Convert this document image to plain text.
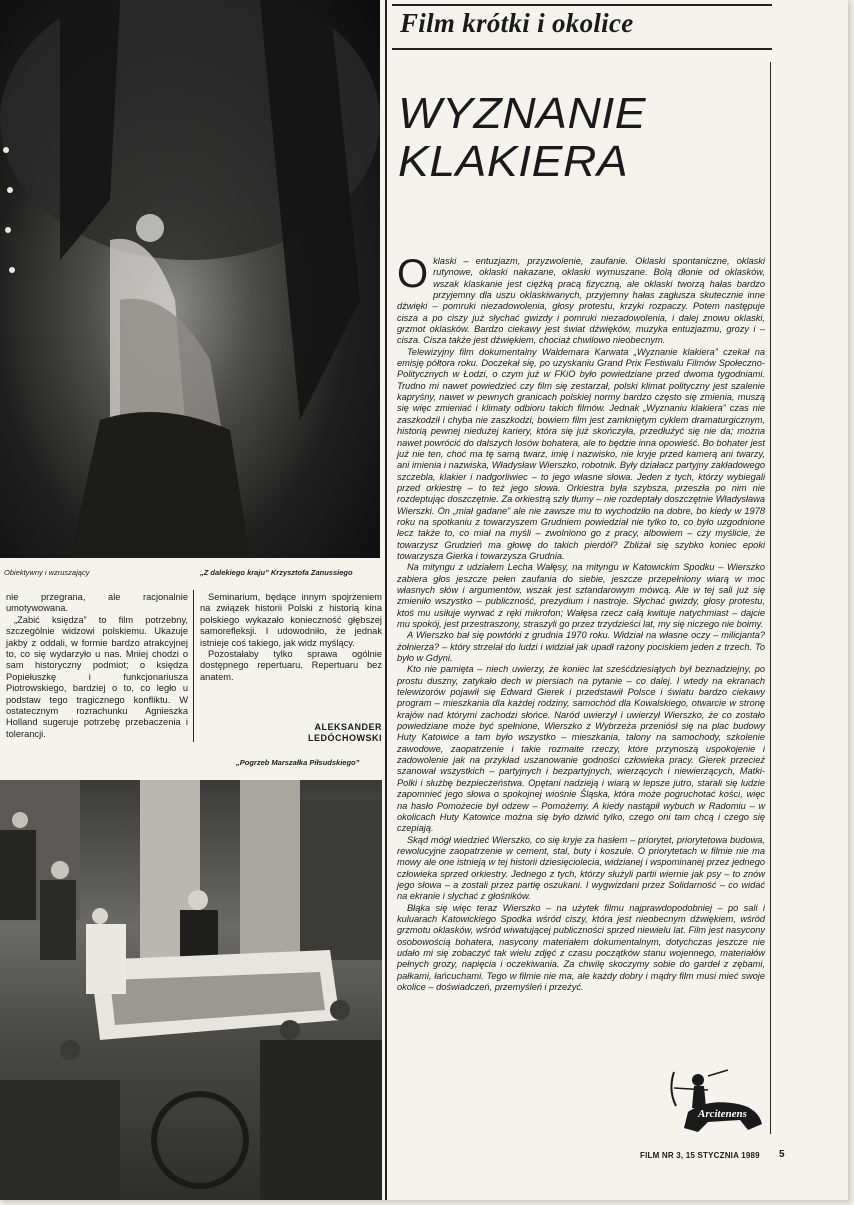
Obiektywny i wzruszający	„Z dalekiego kraju” Krzysztofa Zanussiego

nie przegrana, ale racjonalnie umotywowana.

„Zabić księdza” to film potrzebny, szczególnie widzowi polskiemu. Ukazuje jakby z oddali, w formie bardzo atrakcyjnej to, co się wydarzyło u nas. Mniej chodzi o sam historyczny podmiot; o księdza Popiełuszkę i funkcjonariusza Piotrowskiego, bardziej o to, co legło u podstaw tego tragicznego konfliktu. W ostatecznym rozrachunku Agnieszka Holland sugeruje potrzebę przebaczenia i tolerancji.

Seminarium, będące innym spojrzeniem na związek historii Polski z historią kina polskiego wykazało konieczność głębszej samorefleksji. I udowodniło, że jednak istnieje coś takiego, jak widz myślący.

Pozostałaby tylko sprawa ogólnie dostępnego repertuaru. Repertuaru bez anatem.

ALEKSANDER
LEDÓCHOWSKI
„Pogrzeb Marszałka Piłsudskiego”
Film krótki i okolice
WYZNANIE
KLAKIERA

Oklaski – entuzjazm, przyzwolenie, zaufanie. Oklaski spontaniczne, oklaski rutynowe, oklaski nakazane, oklaski wymuszane. Bolą dłonie od oklasków, wszak klaskanie jest ciężką pracą fizyczną, ale oklaski tworzą hałas bardzo przyjemny dla uszu oklaskiwanych, przyjemny hałas zagłusza skutecznie inne dźwięki – pomruki niezadowolenia, głosy protestu, krzyki rozpaczy. Potem następuje cisza a po ciszy już słychać gwizdy i pomruki niezadowolenia, i dalej znowu oklaski, grzmot oklasków. Bardzo ciekawy jest świat dźwięków, muzyka entuzjazmu, grozy i – cisza. Cisza także jest dźwiękiem, chociaż chwilowo nieobecnym.

Telewizyjny film dokumentalny Waldemara Karwata „Wyznanie klakiera” czekał na emisję półtora roku. Doczekał się, po uzyskaniu Grand Prix Festiwalu Filmów Społeczno-Politycznych w Łodzi, o czym już w FKiO było powiedziane przed dwoma tygodniami. Trudno mi nawet powiedzieć czy film się zestarzał, polski klimat polityczny jest szalenie kapryśny, nawet w pewnych granicach polskiej normy bardzo często się zmienia, muszą się więc zmieniać i klimaty odbioru takich filmów. Jednak „Wyznaniu klakiera” czas nie zaszkodził i chyba nie zaszkodzi, bowiem film jest zamkniętym cyklem dramaturgicznym, historią pewnej niedużej kariery, która się już skończyła, przedłużyć się nie da; można nawet powrócić do dalszych losów bohatera, ale to będzie inna opowieść. Bo bohater jest już nie ten, choć ma tę samą twarz, imię i nazwisko, nie kryje przed kamerą ani twarzy, ani imienia i nazwiska, Władysław Wierszko, robotnik. Były działacz partyjny zakładowego szczebla, klakier i nadgorliwiec – to jego własne słowa. Jeden z tych, którzy wybiegali przed orkiestrę – to też jego słowa. Orkiestra była szybsza, przeszła po nim nie rozdeptując doszczętnie. Za orkiestrą szły tłumy – nie rozdeptały doszczętnie Władysława Wierszki. On „miał gadane” ale nie zawsze mu to wychodziło na dobre, bo kiedy w 1978 roku na spotkaniu z towarzyszem Grudniem powiedział nie tylko to, co było uzgodnione lecz także to, co miał na myśli – zwolniono go z pracy, albowiem – czy myślicie, że towarzysz Grudzień ma głowę do takich pierdół? Zbliżał się szybko koniec epoki towarzysza Gierka i towarzysza Grudnia.

Na mityngu z udziałem Lecha Wałęsy, na mityngu w Katowickim Spodku – Wierszko zabiera głos jeszcze pełen zaufania do siebie, jeszcze przepełniony wiarą w moc własnych słów i argumentów, wszak jest sztandarowym mówcą. Ale w tej sali już się zmieniło wszystko – publiczność, prezydium i nastroje. Słychać gwizdy, głosy protestu, ktoś mu usiłuje wyrwać z ręki mikrofon; Wałęsa rzecz całą kwituje natychmiast – dajcie mu spokój, jest przestraszony, straszyli go przez trzydzieści lat, my się niczego nie boimy.

A Wierszko bał się powtórki z grudnia 1970 roku. Widział na własne oczy – milicjanta? żołnierza? – który strzelał do ludzi i widział jak upadł rażony pociskiem jeden z trzech. To było w Gdyni.

Kto nie pamięta – niech uwierzy, że koniec lat sześćdziesiątych był beznadziejny, po prostu duszny, zatykało dech w piersiach na pytanie – co dalej. I wtedy na ekranach telewizorów pojawił się Edward Gierek i przedstawił Polsce i światu bardzo ciekawy program – mieszkania dla każdej rodziny, samochód dla Kowalskiego, otwarcie w stronę krajów nad którymi zachodzi słońce. Naród uwierzył i uwierzył Wierszko, że co zostało powiedziane może być spełnione, Wierszko z Wybrzeża przeniósł się na plac budowy Huty Katowice a tam było wszystko – mieszkania, talony na samochody, szkolenie zawodowe, zaopatrzenie i takie rozmaite rzeczy, które przynoszą uspokojenie i zadowolenie jak na przykład uszanowanie godności człowieka pracy. Gierek przecież szanował wszystkich – partyjnych i bezpartyjnych, wierzących i niewierzących, Matki-Polki i służbę bezpieczeństwa. Opętani nadzieją i wiarą w lepsze jutro, starali się ludzie zapomnieć jego słowa o spokojnej wiośnie Śląska, która może pogruchotać kości, więc na hasło Pomożecie był odzew – Pomożemy. A kiedy nastąpił wybuch w Radomiu – w okolicach Huty Katowice można się było dziwić tylko, czego oni tam chcą i czego się czepiają.

Skąd mógł wiedzieć Wierszko, co się kryje za hasłem – priorytet, priorytetowa budowa, rewolucyjne zaopatrzenie w cement, stal, buty i koszule. O priorytetach w filmie nie ma mowy ale one istnieją w tej historii dziesięciolecia, widzianej i wspominanej przez jednego człowieka sprzed orkiestry. Jednego z tych, którzy służyli partii wiernie jak psy – to znów jego słowa – a zostali przez partię oszukani. I wygwizdani przez Solidarność – co widać na ekranie i słychać z głośników.

Błąka się więc teraz Wierszko – na użytek filmu najprawdopodobniej – po sali i kuluarach Katowickiego Spodka wśród ciszy, która jest nieobecnym dźwiękiem, wśród grzmotu oklasków, wśród wiwatującej publiczności sprzed niewielu lat. Film jest nasycony osobowością bohatera, nasycony materiałem dokumentalnym, dotychczas jeszcze nie udało mi się zobaczyć tak wielu zdjęć z czasu początków stanu wojennego, materiałów pełnych grozy, napięcia i oczekiwania. Za chwilę skoczymy sobie do gardeł z zębami, pałkami, łańcuchami. Tego w filmie nie ma, ale każdy dobry i mądry film musi mieć swoje okolice – doświadczeń, przemyśleń i przeżyć.

Arcitenens
FILM NR 3, 15 STYCZNIA 1989 5
